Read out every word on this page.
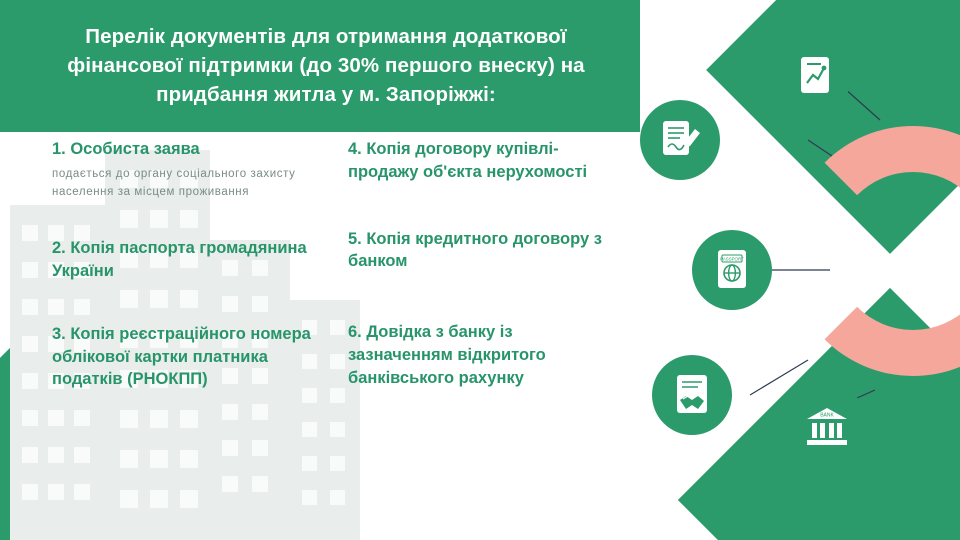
Перелік документів для отримання додаткової фінансової підтримки (до 30% першого внеску) на придбання житла у м. Запоріжжі:
1. Особиста заява
подається до органу соціального захисту населення за місцем проживання
2. Копія паспорта громадянина України
3. Копія реєстраційного номера облікової картки платника податків (РНОКПП)
4. Копія договору купівлі-продажу об'єкта нерухомості
5. Копія кредитного договору з банком
6. Довідка з банку із зазначенням відкритого банківського рахунку
PASSPORT
BANK
